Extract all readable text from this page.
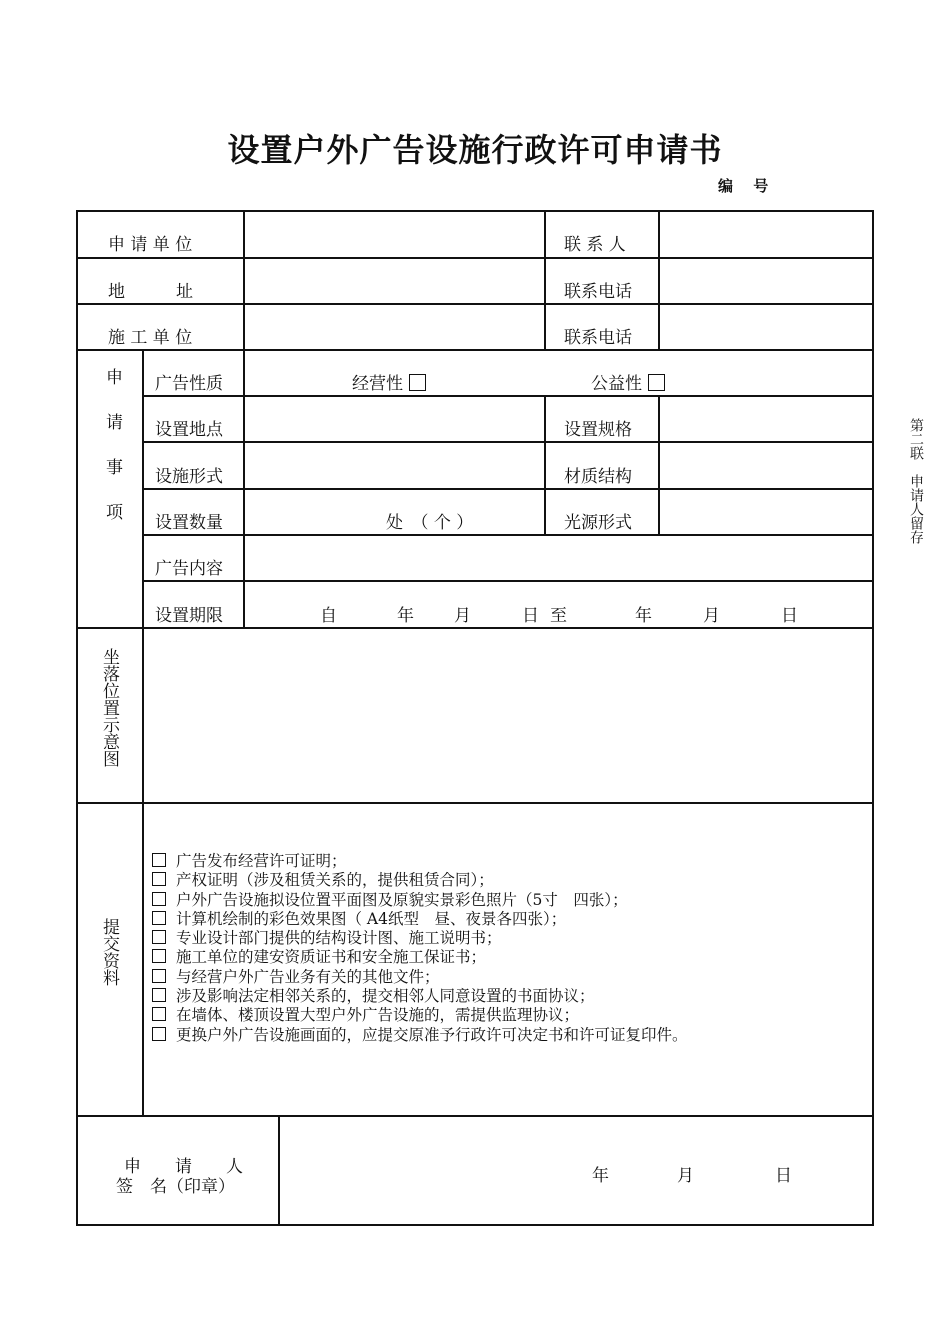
设置户外广告设施行政许可申请书
编　 号
申 请 单 位	联 系 人
地　　　址	联系电话
施 工 单 位	联系电话
申请事项 广告性质	经营性	公益性
设置地点	设置规格
设施形式	材质结构
设置数量	处　（ 个 ）	光源形式
广告内容
设置期限	自	年 月	日 至	年	月	日
坐落位置示意图
提交资料
广告发布经营许可证明；
产权证明（涉及租赁关系的，提供租赁合同）；
户外广告设施拟设位置平面图及原貌实景彩色照片（5寸　四张）；
计算机绘制的彩色效果图（ A4纸型　昼、夜景各四张）；
专业设计部门提供的结构设计图、施工说明书；
施工单位的建安资质证书和安全施工保证书；
与经营户外广告业务有关的其他文件；
涉及影响法定相邻关系的，提交相邻人同意设置的书面协议；
在墙体、楼顶设置大型户外广告设施的，需提供监理协议；
更换户外广告设施画面的，应提交原准予行政许可决定书和许可证复印件。
申　　请　　人
签　名（印章）
年	月	日
第二联　申请人留存
